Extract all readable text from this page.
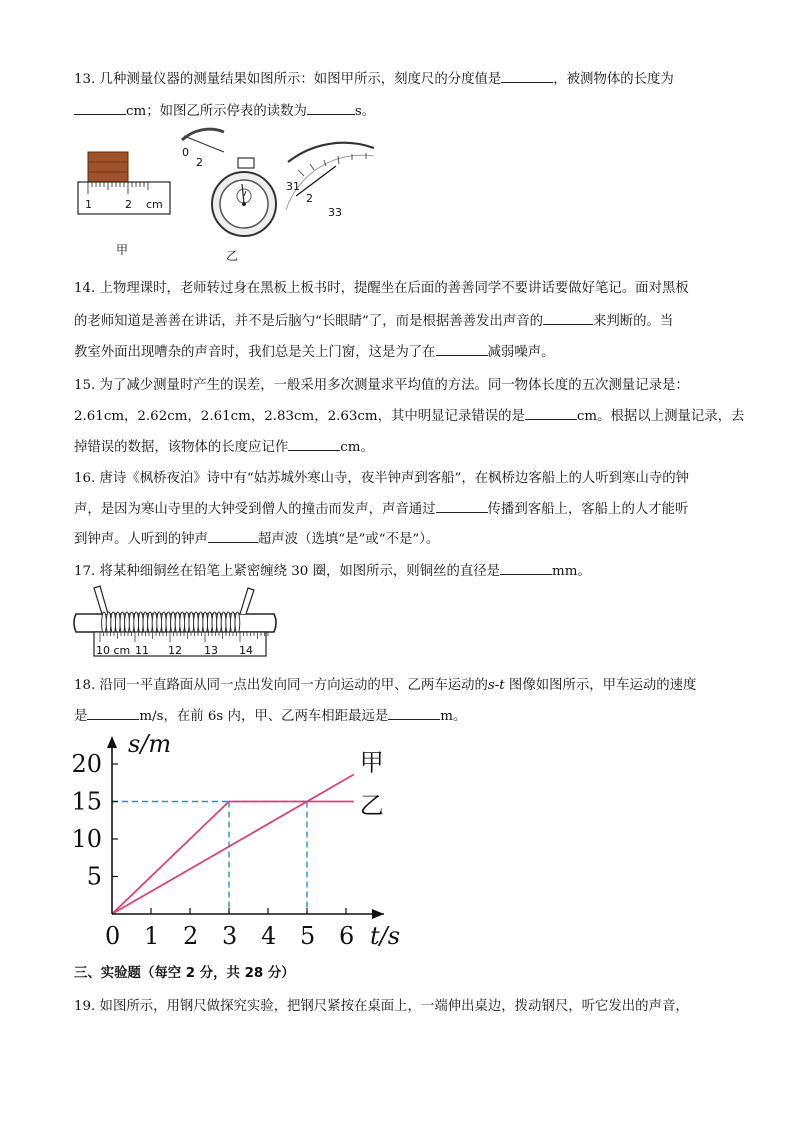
13. 几种测量仪器的测量结果如图所示：如图甲所示，刻度尺的分度值是	，被测物体的长度为
cm；如图乙所示停表的读数为	s。
1	2 cm
甲
0
2
31
2
33
乙
14. 上物理课时，老师转过身在黑板上板书时，提醒坐在后面的善善同学不要讲话要做好笔记。面对黑板
的老师知道是善善在讲话，并不是后脑勺“长眼睛”了，而是根据善善发出声音的	来判断的。当
教室外面出现嘈杂的声音时，我们总是关上门窗，这是为了在	减弱噪声。
15. 为了减少测量时产生的误差，一般采用多次测量求平均值的方法。同一物体长度的五次测量记录是：
2.61cm，2.62cm，2.61cm，2.83cm，2.63cm，其中明显记录错误的是	cm。根据以上测量记录，去
掉错误的数据，该物体的长度应记作	cm。
16. 唐诗《枫桥夜泊》诗中有“姑苏城外寒山寺，夜半钟声到客船”，在枫桥边客船上的人听到寒山寺的钟
声，是因为寒山寺里的大钟受到僧人的撞击而发声，声音通过	传播到客船上，客船上的人才能听
到钟声。人听到的钟声	超声波（选填“是”或“不是”）。
17. 将某种细铜丝在铅笔上紧密缠绕 30 圈，如图所示，则铜丝的直径是	mm。
10 cm 11 12 13 14
18. 沿同一平直路面从同一点出发向同一方向运动的甲、乙两车运动的s-t 图像如图所示，甲车运动的速度
是	m/s，在前 6s 内，甲、乙两车相距最远是	m。
甲
乙
s/m
t/s
0 1 2 3 4 5 6
5
10
15
20
三、实验题（每空 2 分，共 28 分）
19. 如图所示，用钢尺做探究实验，把钢尺紧按在桌面上，一端伸出桌边，拨动钢尺，听它发出的声音，
